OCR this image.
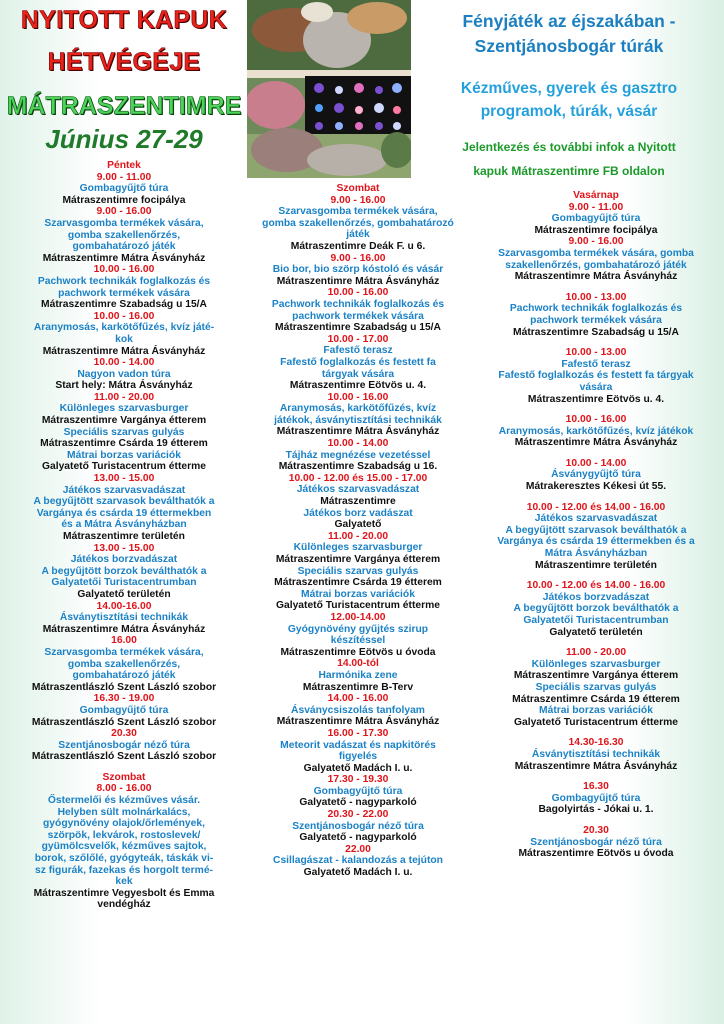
NYITOTT KAPUK
HÉTVÉGÉJE
MÁTRASZENTIMRE
Június 27-29
Fényjáték az éjszakában -
Szentjánosbogár túrák
Kézműves, gyerek és gasztro
programok, túrák, vásár
Jelentkezés és további infok a Nyitott
kapuk Mátraszentimre FB oldalon
Péntek
9.00 - 11.00
Gombagyűjtő túra
Mátraszentimre focipálya
9.00 - 16.00
Szarvasgomba termékek vására,
gomba szakellenőrzés,
gombahatározó játék
Mátraszentimre Mátra Ásványház
10.00 - 16.00
Pachwork technikák foglalkozás és
pachwork termékek vására
Mátraszentimre Szabadság u 15/A
10.00 - 16.00
Aranymosás, karkötőfűzés, kvíz játé-
kok
Mátraszentimre Mátra Ásványház
10.00 - 14.00
Nagyon vadon túra
Start hely: Mátra Ásványház
11.00 - 20.00
Különleges szarvasburger
Mátraszentimre Vargánya étterem
Speciális szarvas gulyás
Mátraszentimre Csárda 19 étterem
Mátrai borzas variációk
Galyatető Turistacentrum étterme
13.00 - 15.00
Játékos szarvasvadászat
A begyűjtött szarvasok beválthatók a
Vargánya és csárda 19 éttermekben
és a Mátra Ásványházban
Mátraszentimre területén
13.00 - 15.00
Játékos borzvadászat
A begyűjtött borzok beválthatók a
Galyatetői Turistacentrumban
Galyatető területén
14.00-16.00
Ásványtisztítási technikák
Mátraszentimre Mátra Ásványház
16.00
Szarvasgomba termékek vására,
gomba szakellenőrzés,
gombahatározó játék
Mátraszentlászló Szent László szobor
16.30 - 19.00
Gombagyűjtő túra
Mátraszentlászló Szent László szobor
20.30
Szentjánosbogár néző túra
Mátraszentlászló Szent László szobor
Szombat
8.00 - 16.00
Őstermelői és kézműves vásár.
Helyben sült molnárkalács,
gyógynövény olajok/őrlemények,
szörpök, lekvárok, rostoslevek/
gyümölcsvelők, kézműves sajtok,
borok, szőlőlé, gyógyteák, táskák vi-
sz figurák, fazekas és horgolt termé-
kek
Mátraszentimre Vegyesbolt és Emma
vendégház
Szombat
9.00 - 16.00
Szarvasgomba termékek vására,
gomba szakellenőrzés, gombahatározó
játék
Mátraszentimre Deák F. u 6.
9.00 - 16.00
Bio bor, bio szörp kóstoló és vásár
Mátraszentimre Mátra Ásványház
10.00 - 16.00
Pachwork technikák foglalkozás és
pachwork termékek vására
Mátraszentimre Szabadság u 15/A
10.00 - 17.00
Fafestő terasz
Fafestő foglalkozás és festett fa
tárgyak vására
Mátraszentimre Eötvös u. 4.
10.00 - 16.00
Aranymosás, karkötőfűzés, kvíz
játékok, ásványtisztítási technikák
Mátraszentimre Mátra Ásványház
10.00 - 14.00
Tájház megnézése vezetéssel
Mátraszentimre Szabadság u 16.
10.00 - 12.00 és 15.00 - 17.00
Játékos szarvasvadászat
Mátraszentimre
Játékos borz vadászat
Galyatető
11.00 - 20.00
Különleges szarvasburger
Mátraszentimre Vargánya étterem
Speciális szarvas gulyás
Mátraszentimre Csárda 19 étterem
Mátrai borzas variációk
Galyatető Turistacentrum étterme
12.00-14.00
Gyógynövény gyűjtés szirup
készítéssel
Mátraszentimre Eötvös u óvoda
14.00-tól
Harmónika zene
Mátraszentimre B-Terv
14.00 - 16.00
Ásványcsiszolás tanfolyam
Mátraszentimre Mátra Ásványház
16.00 - 17.30
Meteorit vadászat és napkitörés
figyelés
Galyatető Madách I. u.
17.30 - 19.30
Gombagyűjtő túra
Galyatető - nagyparkoló
20.30 - 22.00
Szentjánosbogár néző túra
Galyatető - nagyparkoló
22.00
Csillagászat - kalandozás a tejúton
Galyatető Madách I. u.
Vasárnap
9.00 - 11.00
Gombagyűjtő túra
Mátraszentimre focipálya
9.00 - 16.00
Szarvasgomba termékek vására, gomba
szakellenőrzés, gombahatározó játék
Mátraszentimre Mátra Ásványház
10.00 - 13.00
Pachwork technikák foglalkozás és
pachwork termékek vására
Mátraszentimre Szabadság u 15/A
10.00 - 13.00
Fafestő terasz
Fafestő foglalkozás és festett fa tárgyak
vására
Mátraszentimre Eötvös u. 4.
10.00 - 16.00
Aranymosás, karkötőfűzés, kvíz játékok
Mátraszentimre Mátra Ásványház
10.00 - 14.00
Ásványgyűjtő túra
Mátrakeresztes Kékesi út 55.
10.00 - 12.00 és 14.00 - 16.00
Játékos szarvasvadászat
A begyűjtött szarvasok beválthatók a
Vargánya és csárda 19 éttermekben és a
Mátra Ásványházban
Mátraszentimre területén
10.00 - 12.00 és 14.00 - 16.00
Játékos borzvadászat
A begyűjtött borzok beválthatók a
Galyatetői Turistacentrumban
Galyatető területén
11.00 - 20.00
Különleges szarvasburger
Mátraszentimre Vargánya étterem
Speciális szarvas gulyás
Mátraszentimre Csárda 19 étterem
Mátrai borzas variációk
Galyatető Turistacentrum étterme
14.30-16.30
Ásványtisztítási technikák
Mátraszentimre Mátra Ásványház
16.30
Gombagyűjtő túra
Bagolyirtás - Jókai u. 1.
20.30
Szentjánosbogár néző túra
Mátraszentimre Eötvös u óvoda
